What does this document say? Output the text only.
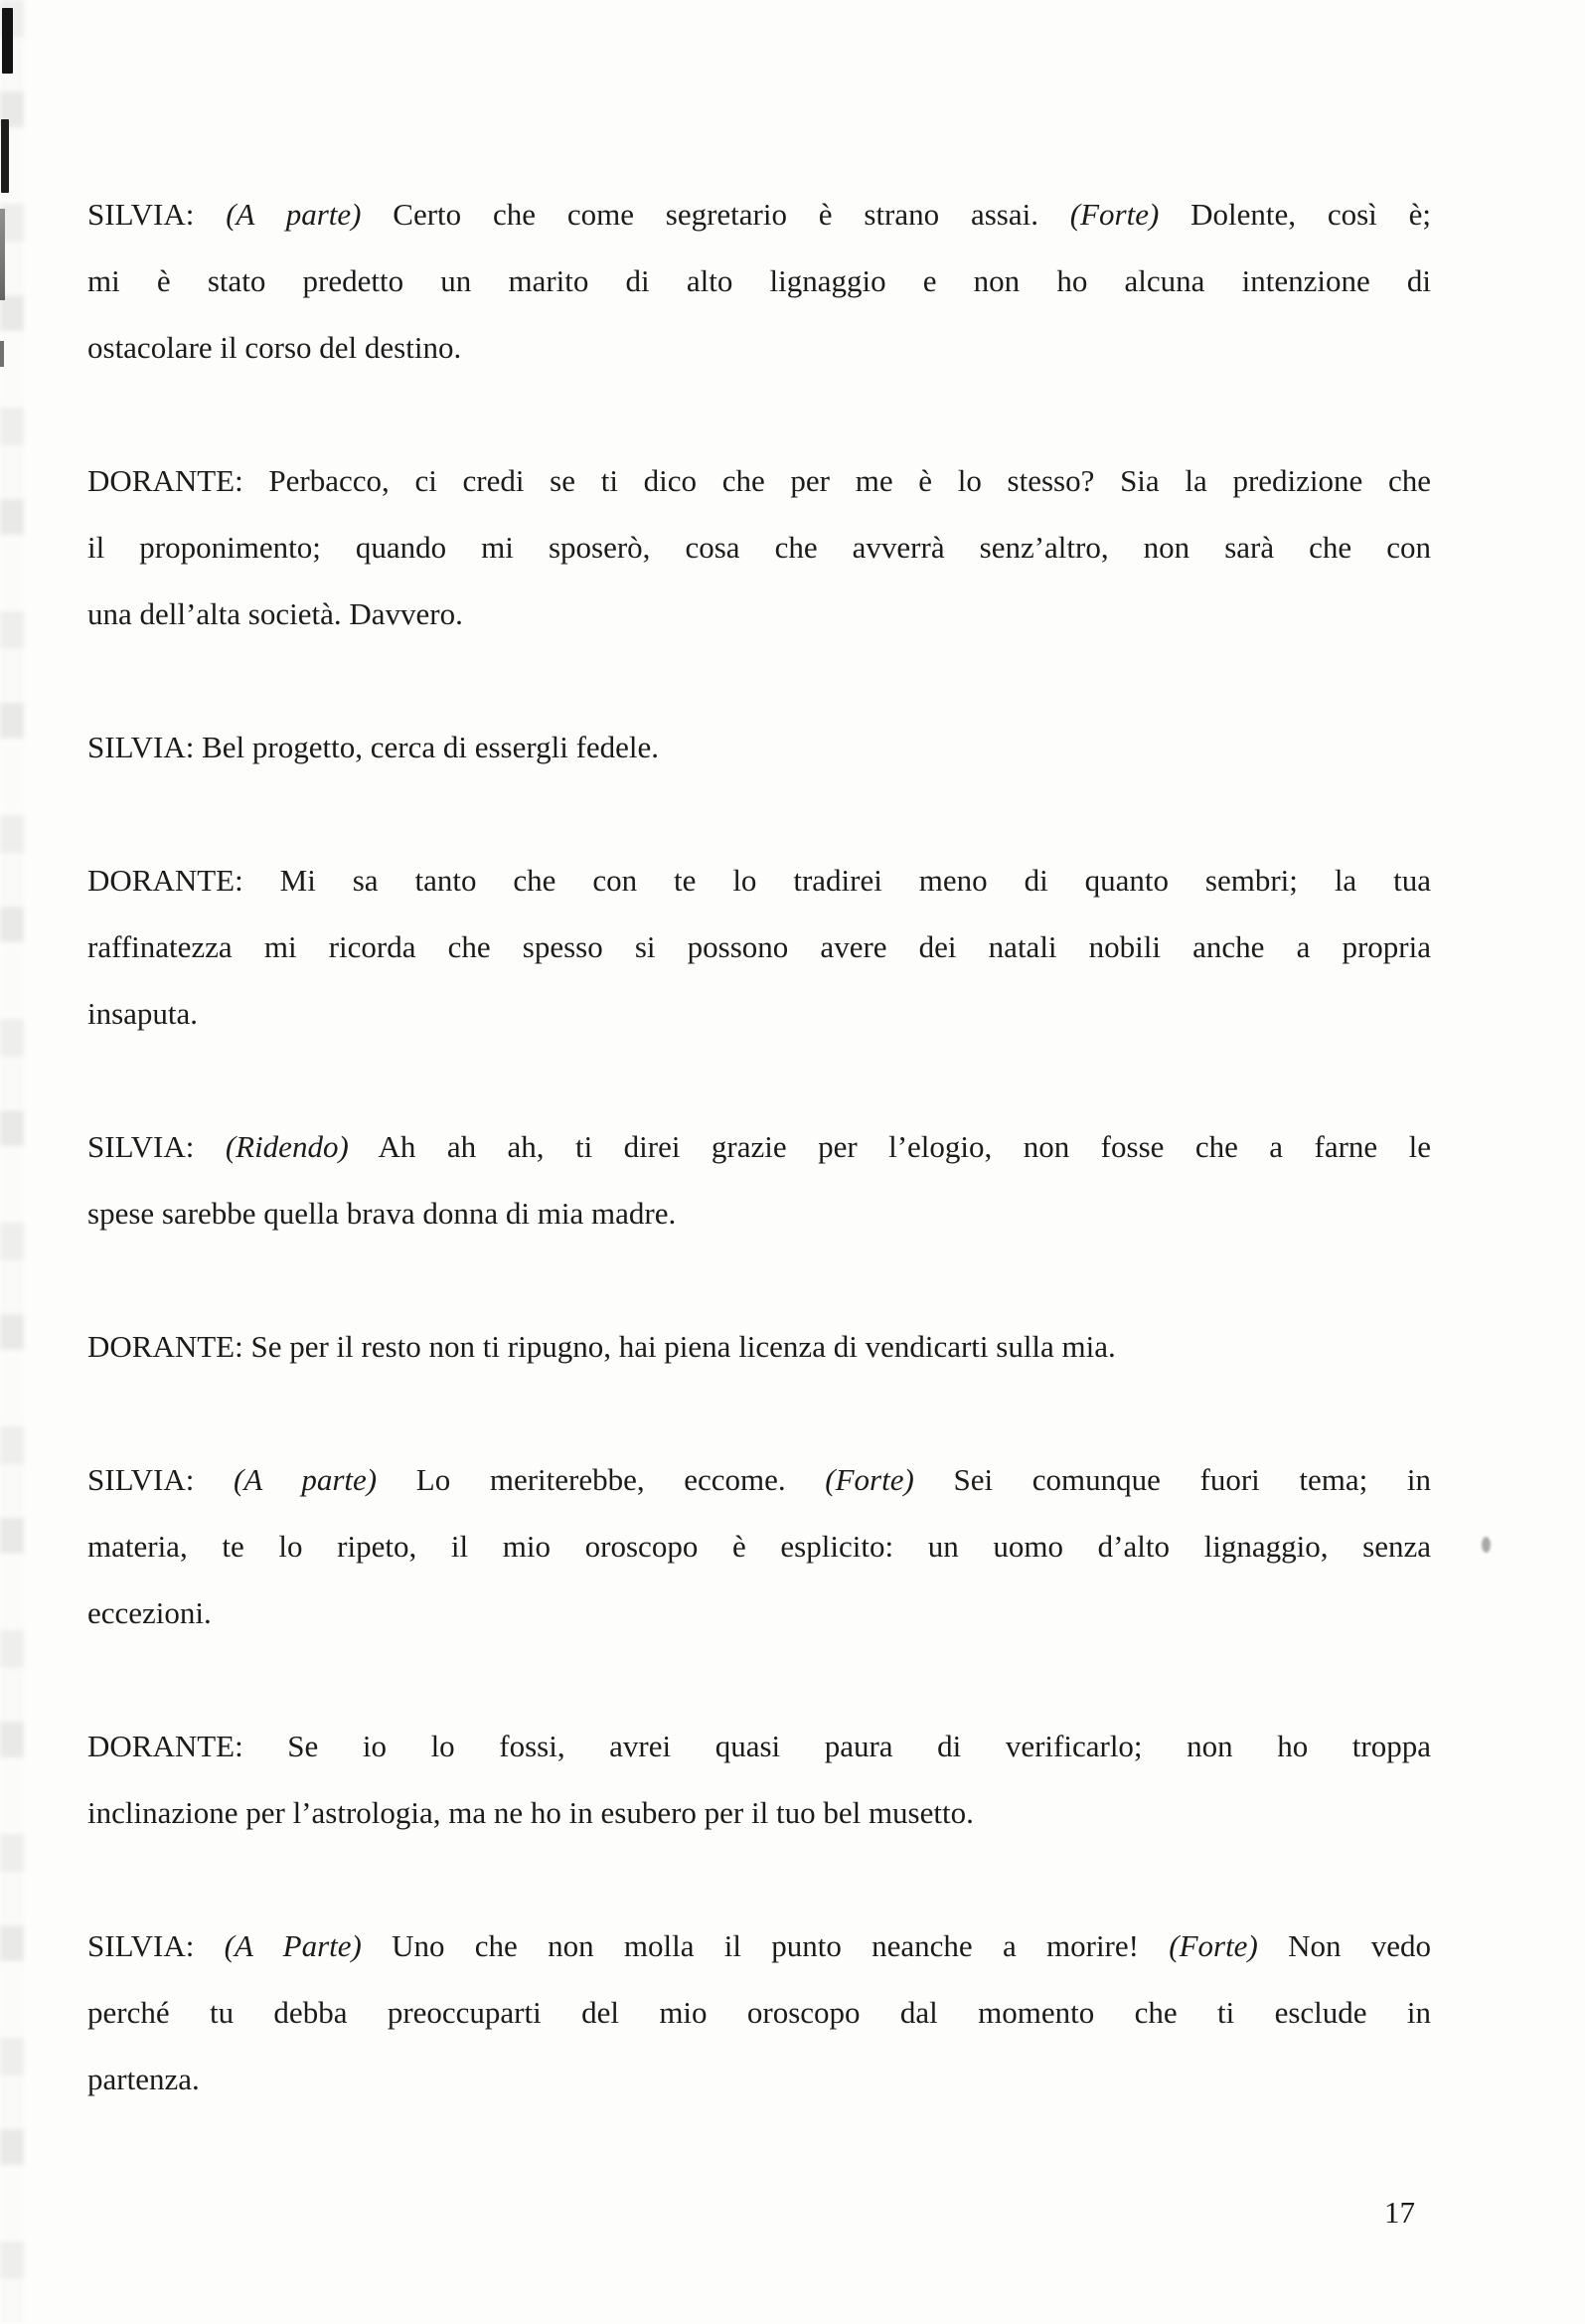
SILVIA: (A parte) Certo che come segretario è strano assai. (Forte) Dolente, così è;
mi è stato predetto un marito di alto lignaggio e non ho alcuna intenzione di
ostacolare il corso del destino.
DORANTE: Perbacco, ci credi se ti dico che per me è lo stesso? Sia la predizione che
il proponimento; quando mi sposerò, cosa che avverrà senz’altro, non sarà che con
una dell’alta società. Davvero.
SILVIA: Bel progetto, cerca di essergli fedele.
DORANTE: Mi sa tanto che con te lo tradirei meno di quanto sembri; la tua
raffinatezza mi ricorda che spesso si possono avere dei natali nobili anche a propria
insaputa.
SILVIA: (Ridendo) Ah ah ah, ti direi grazie per l’elogio, non fosse che a farne le
spese sarebbe quella brava donna di mia madre.
DORANTE: Se per il resto non ti ripugno, hai piena licenza di vendicarti sulla mia.
SILVIA: (A parte) Lo meriterebbe, eccome. (Forte) Sei comunque fuori tema; in
materia, te lo ripeto, il mio oroscopo è esplicito: un uomo d’alto lignaggio, senza
eccezioni.
DORANTE: Se io lo fossi, avrei quasi paura di verificarlo; non ho troppa
inclinazione per l’astrologia, ma ne ho in esubero per il tuo bel musetto.
SILVIA: (A Parte) Uno che non molla il punto neanche a morire! (Forte) Non vedo
perché tu debba preoccuparti del mio oroscopo dal momento che ti esclude in
partenza.
17
